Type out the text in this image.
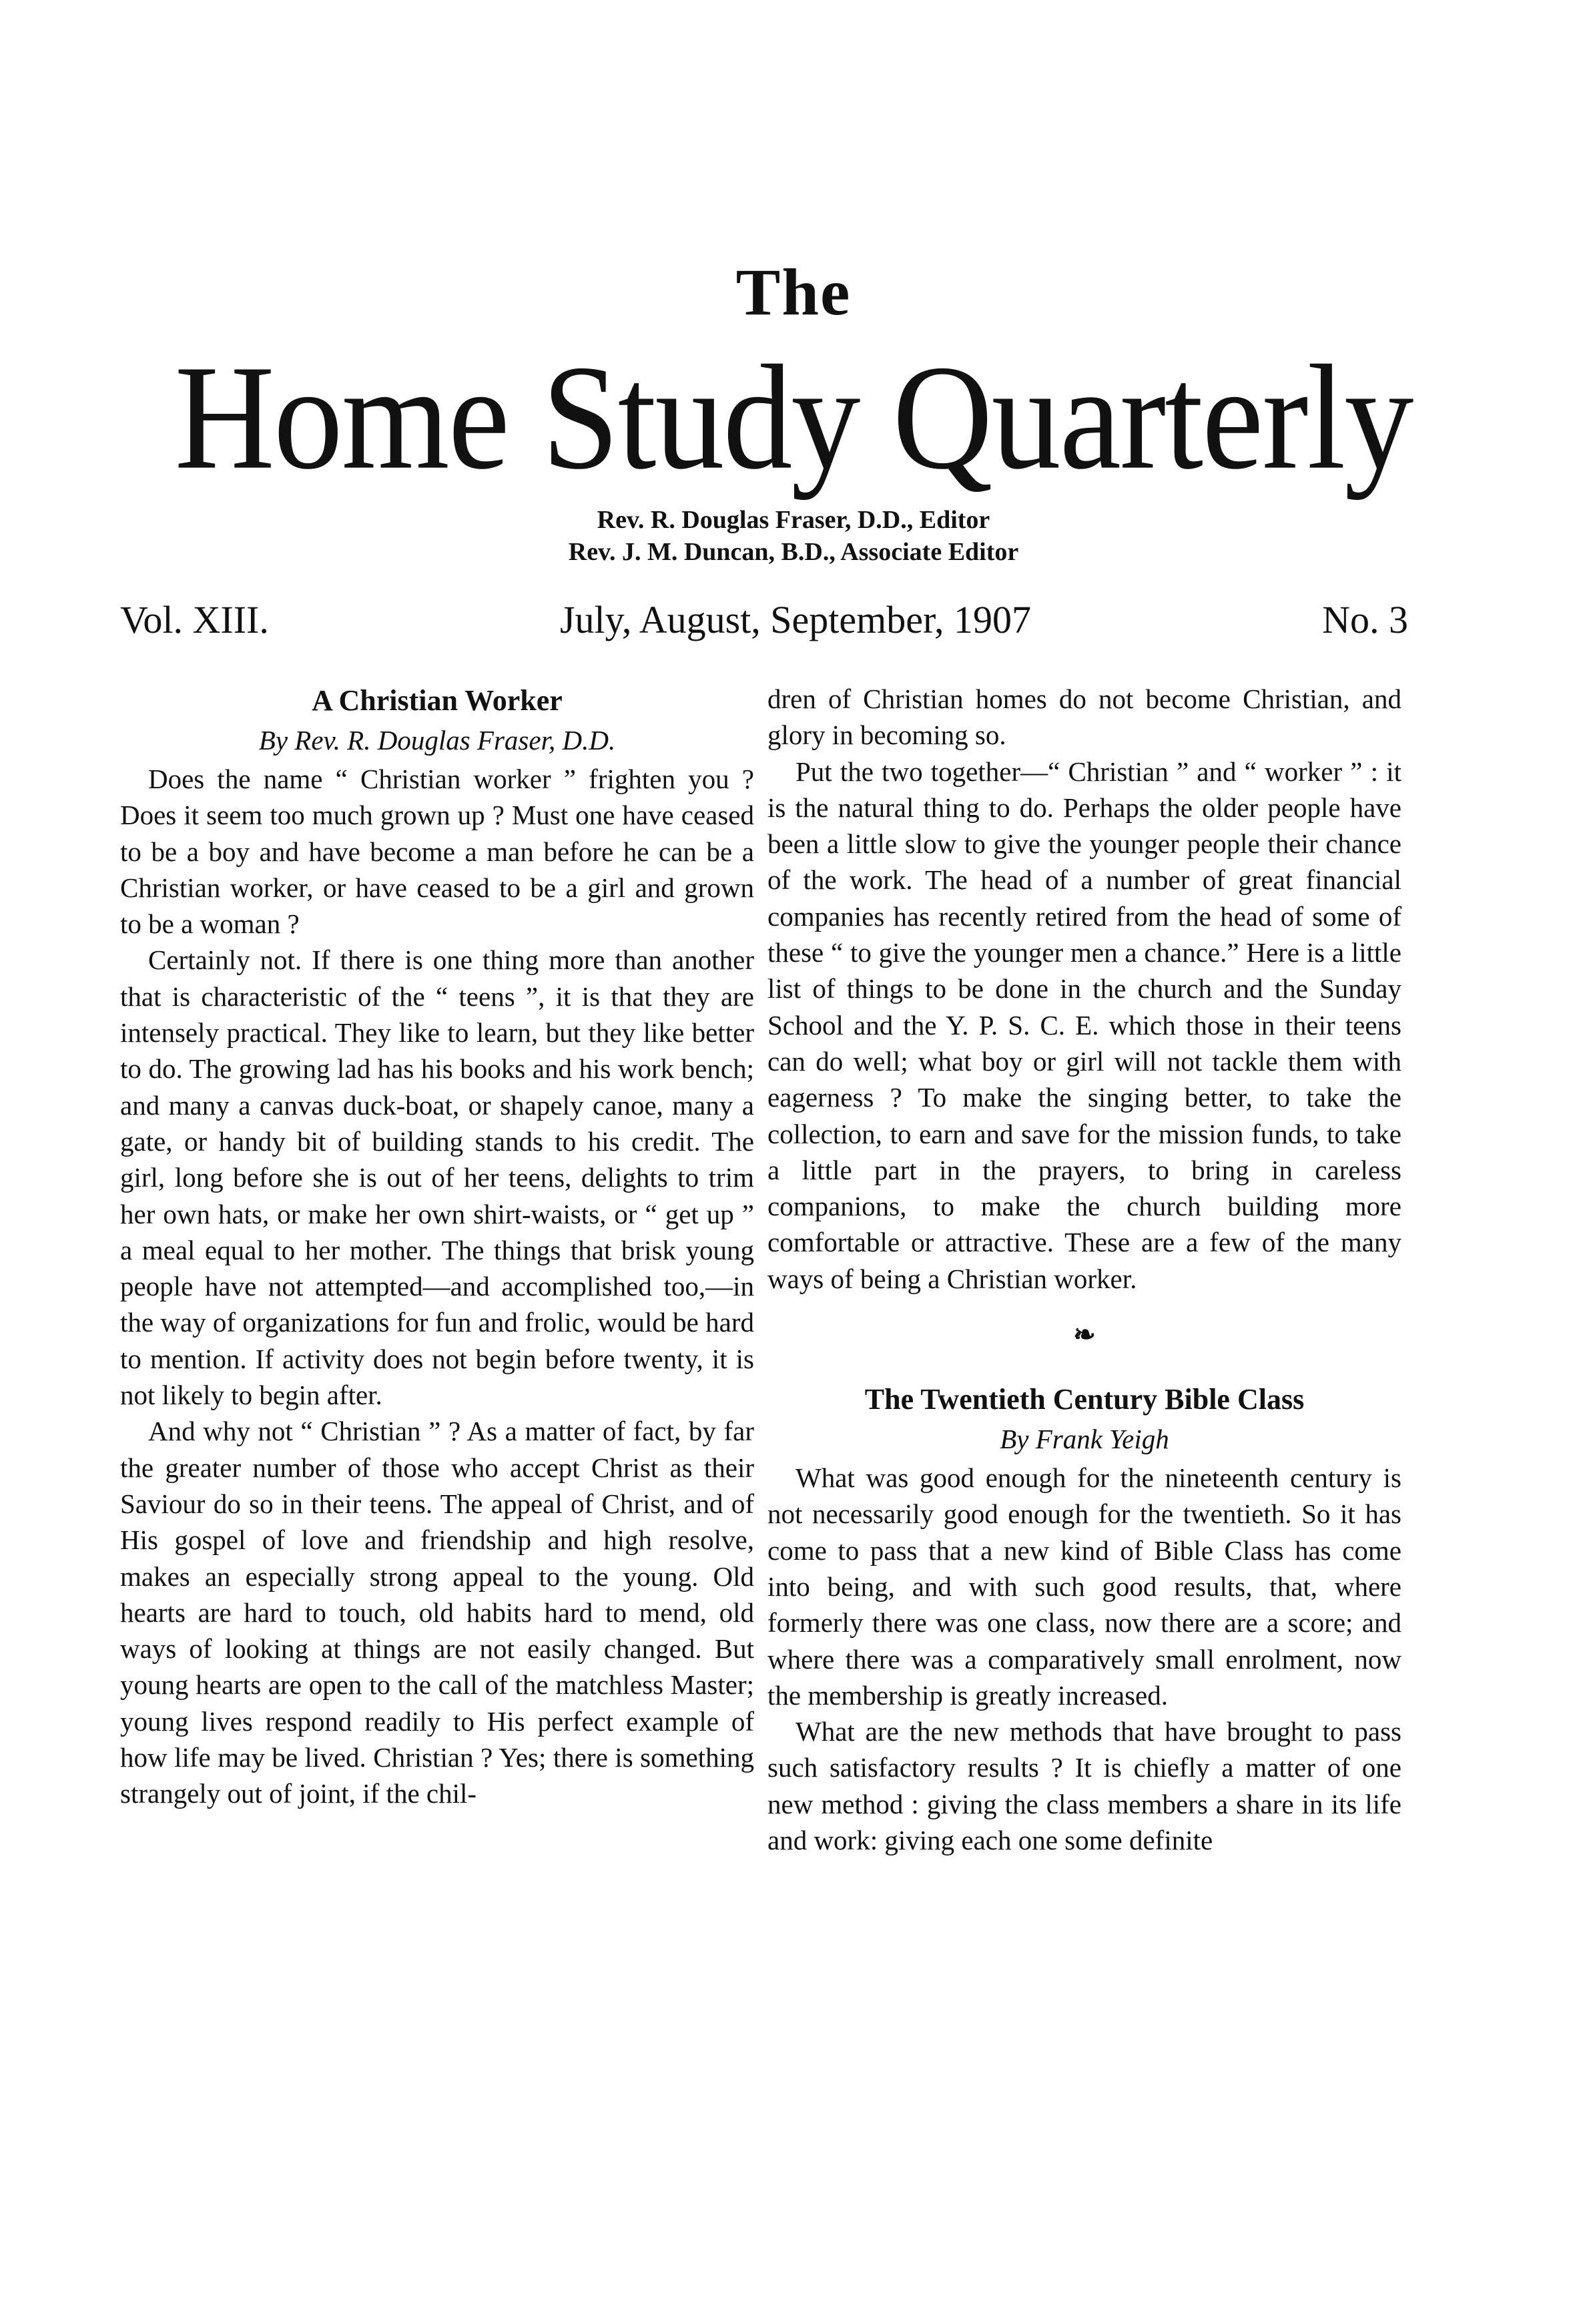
The
Home Study Quarterly
Rev. R. Douglas Fraser, D.D., Editor
Rev. J. M. Duncan, B.D., Associate Editor
Vol. XIII.	July, August, September, 1907	No. 3
A Christian Worker
By Rev. R. Douglas Fraser, D.D.

Does the name “ Christian worker ” frighten you ? Does it seem too much grown up ? Must one have ceased to be a boy and have become a man before he can be a Christian worker, or have ceased to be a girl and grown to be a woman ?

Certainly not. If there is one thing more than another that is characteristic of the “ teens ”, it is that they are intensely practical. They like to learn, but they like better to do. The growing lad has his books and his work bench; and many a canvas duck-boat, or shapely canoe, many a gate, or handy bit of building stands to his credit. The girl, long before she is out of her teens, delights to trim her own hats, or make her own shirt-waists, or “ get up ” a meal equal to her mother. The things that brisk young people have not attempted—and accomplished too,—in the way of organizations for fun and frolic, would be hard to mention. If activity does not begin before twenty, it is not likely to begin after.

And why not “ Christian ” ? As a matter of fact, by far the greater number of those who accept Christ as their Saviour do so in their teens. The appeal of Christ, and of His gospel of love and friendship and high resolve, makes an especially strong appeal to the young. Old hearts are hard to touch, old habits hard to mend, old ways of looking at things are not easily changed. But young hearts are open to the call of the matchless Master; young lives respond readily to His perfect example of how life may be lived. Christian ? Yes; there is something strangely out of joint, if the chil-

dren of Christian homes do not become Christian, and glory in becoming so.

Put the two together—“ Christian ” and “ worker ” : it is the natural thing to do. Perhaps the older people have been a little slow to give the younger people their chance of the work. The head of a number of great financial companies has recently retired from the head of some of these “ to give the younger men a chance.” Here is a little list of things to be done in the church and the Sunday School and the Y. P. S. C. E. which those in their teens can do well; what boy or girl will not tackle them with eagerness ? To make the singing better, to take the collection, to earn and save for the mission funds, to take a little part in the prayers, to bring in careless companions, to make the church building more comfortable or attractive. These are a few of the many ways of being a Christian worker.

❧
The Twentieth Century Bible Class
By Frank Yeigh

What was good enough for the nineteenth century is not necessarily good enough for the twentieth. So it has come to pass that a new kind of Bible Class has come into being, and with such good results, that, where formerly there was one class, now there are a score; and where there was a comparatively small enrolment, now the membership is greatly increased.

What are the new methods that have brought to pass such satisfactory results ? It is chiefly a matter of one new method : giving the class members a share in its life and work: giving each one some definite
